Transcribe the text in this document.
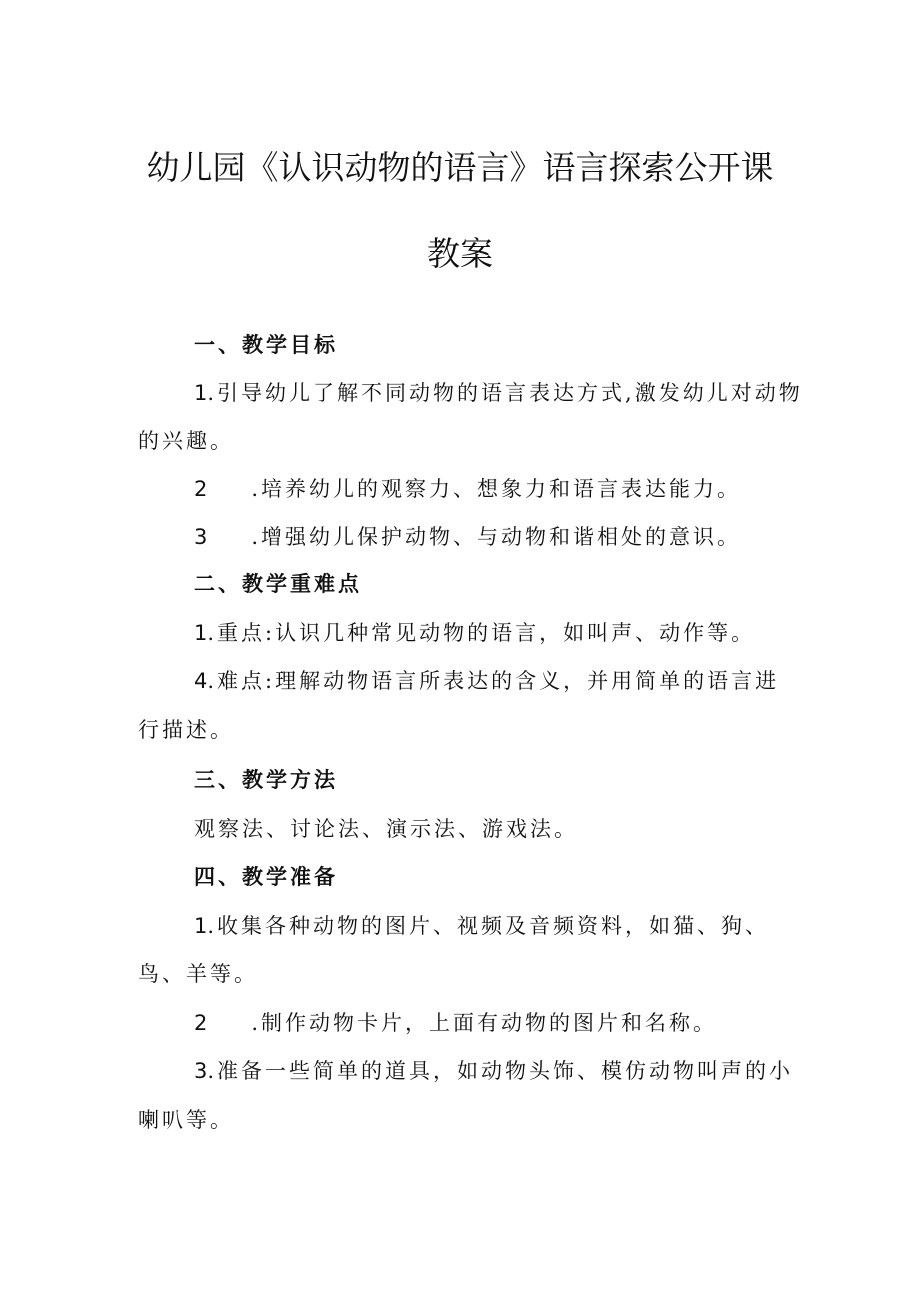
幼儿园《认识动物的语言》语言探索公开课
教案
一、教学目标
1.引导幼儿了解不同动物的语言表达方式,激发幼儿对动物
的兴趣。
2 .培养幼儿的观察力、想象力和语言表达能力。
3 .增强幼儿保护动物、与动物和谐相处的意识。
二、教学重难点
1.重点:认识几种常见动物的语言，如叫声、动作等。
4.难点:理解动物语言所表达的含义，并用简单的语言进
行描述。
三、教学方法
观察法、讨论法、演示法、游戏法。
四、教学准备
1.收集各种动物的图片、视频及音频资料，如猫、狗、
鸟、羊等。
2 .制作动物卡片，上面有动物的图片和名称。
3.准备一些简单的道具，如动物头饰、模仿动物叫声的小
喇叭等。
